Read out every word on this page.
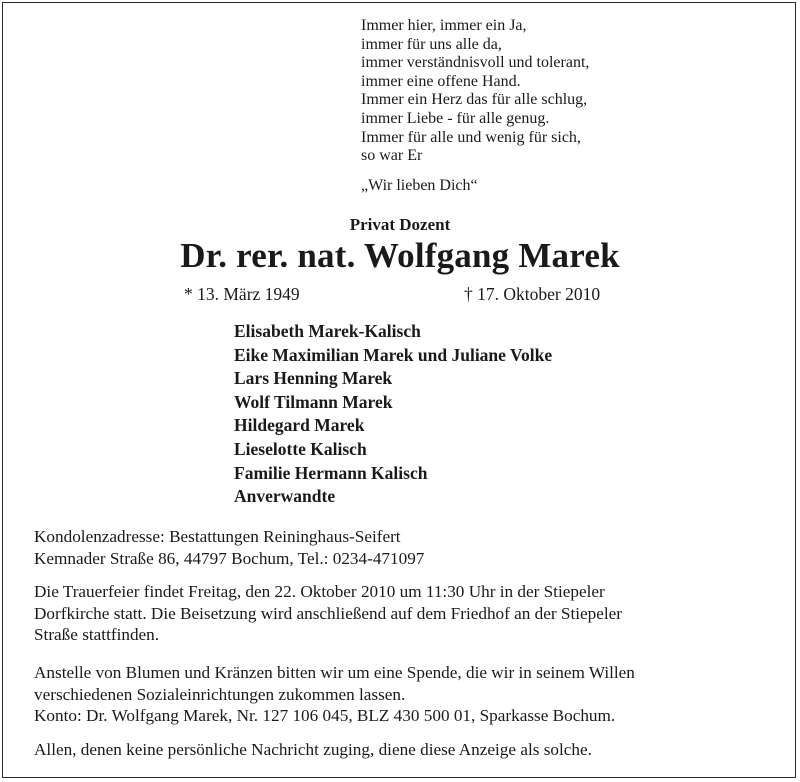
Immer hier, immer ein Ja,
immer für uns alle da,
immer verständnisvoll und tolerant,
immer eine offene Hand.
Immer ein Herz das für alle schlug,
immer Liebe - für alle genug.
Immer für alle und wenig für sich,
so war Er
„Wir lieben Dich“
Privat Dozent
Dr. rer. nat. Wolfgang Marek
* 13. März 1949	† 17. Oktober 2010
Elisabeth Marek-Kalisch
Eike Maximilian Marek und Juliane Volke
Lars Henning Marek
Wolf Tilmann Marek
Hildegard Marek
Lieselotte Kalisch
Familie Hermann Kalisch
Anverwandte
Kondolenzadresse: Bestattungen Reininghaus-Seifert
Kemnader Straße 86, 44797 Bochum, Tel.: 0234-471097
Die Trauerfeier findet Freitag, den 22. Oktober 2010 um 11:30 Uhr in der Stiepeler
Dorfkirche statt. Die Beisetzung wird anschließend auf dem Friedhof an der Stiepeler
Straße stattfinden.
Anstelle von Blumen und Kränzen bitten wir um eine Spende, die wir in seinem Willen
verschiedenen Sozialeinrichtungen zukommen lassen.
Konto: Dr. Wolfgang Marek, Nr. 127 106 045, BLZ 430 500 01, Sparkasse Bochum.
Allen, denen keine persönliche Nachricht zuging, diene diese Anzeige als solche.
